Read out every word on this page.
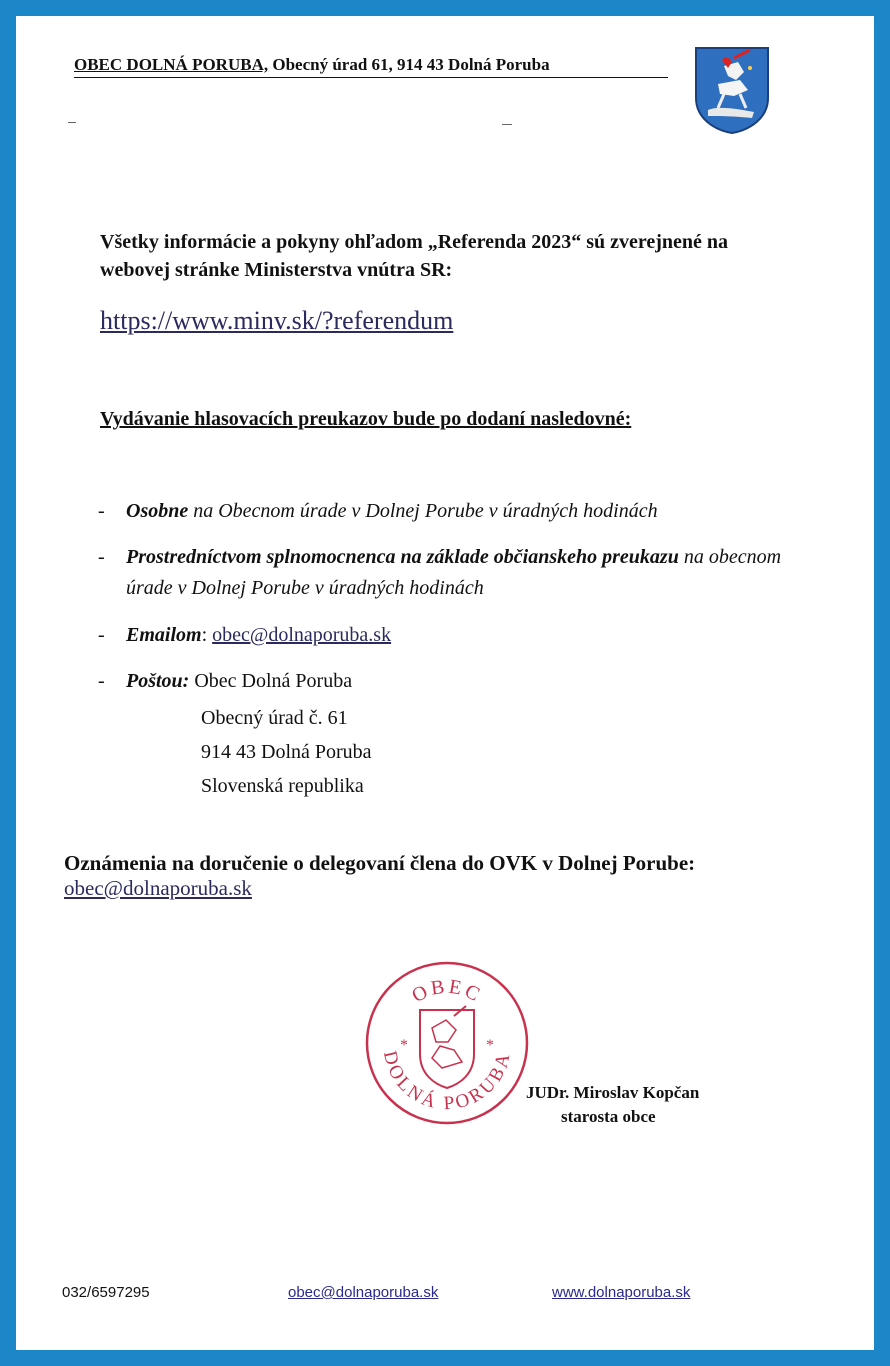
OBEC DOLNÁ PORUBA, Obecný úrad 61, 914 43 Dolná Poruba
Všetky informácie a pokyny ohľadom „Referenda 2023“ sú zverejnené na webovej stránke Ministerstva vnútra SR:
https://www.minv.sk/?referendum
Vydávanie hlasovacích preukazov bude po dodaní nasledovné:
- Osobne na Obecnom úrade v Dolnej Porube v úradných hodinách
- Prostredníctvom splnomocnenca na základe občianskeho preukazu na obecnom úrade v Dolnej Porube v úradných hodinách
- Emailom: obec@dolnaporuba.sk
- Poštou: Obec Dolná Poruba
Obecný úrad č. 61
914 43 Dolná Poruba
Slovenská republika
Oznámenia na doručenie o delegovaní člena do OVK v Dolnej Porube:
obec@dolnaporuba.sk
OBEC
DOLNÁ PORUBA
*	*
JUDr. Miroslav Kopčan
starosta obce
032/6597295	obec@dolnaporuba.sk	www.dolnaporuba.sk
